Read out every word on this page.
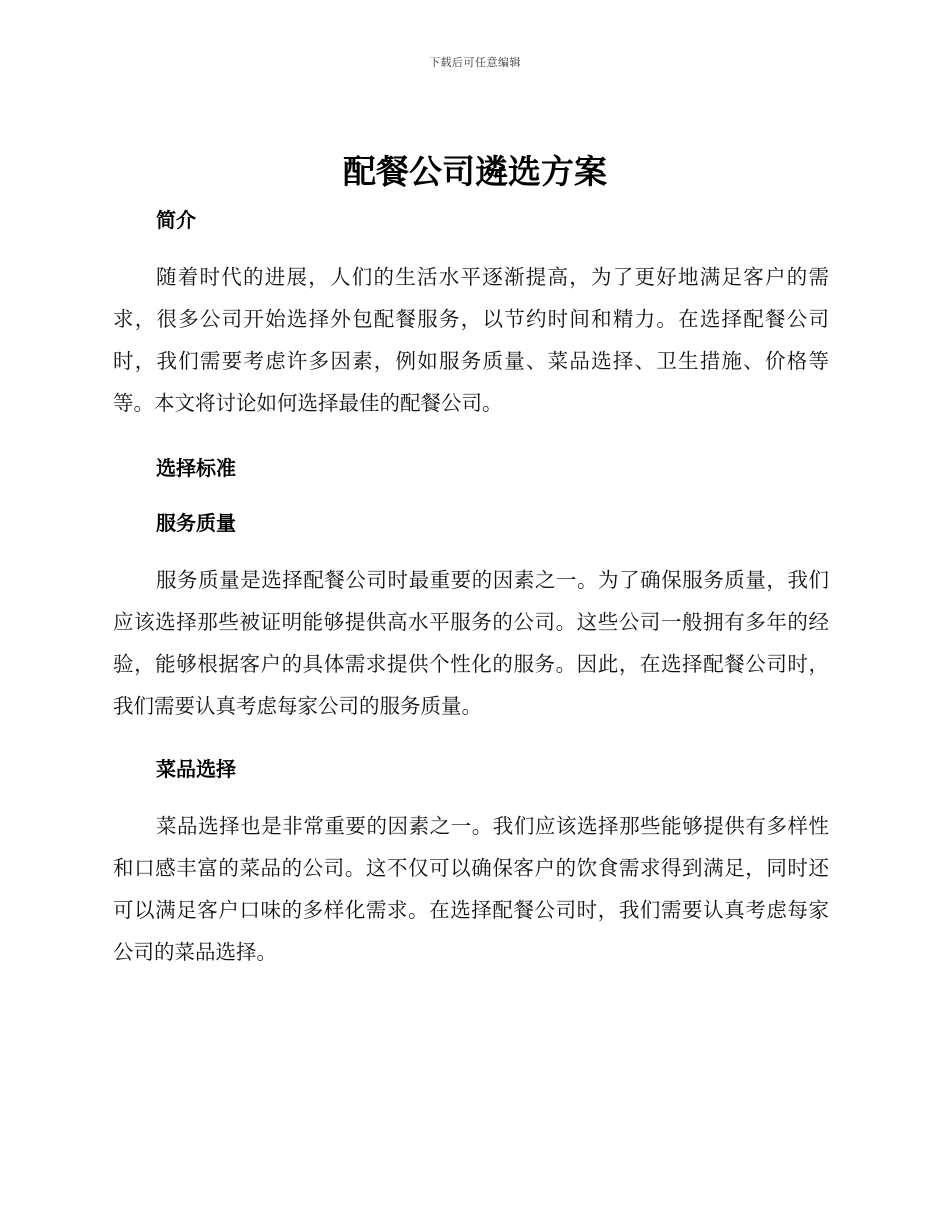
下载后可任意编辑
配餐公司遴选方案
简介

随着时代的进展，人们的生活水平逐渐提高，为了更好地满足客户的需求，很多公司开始选择外包配餐服务，以节约时间和精力。在选择配餐公司时，我们需要考虑许多因素，例如服务质量、菜品选择、卫生措施、价格等等。本文将讨论如何选择最佳的配餐公司。

选择标准
服务质量

服务质量是选择配餐公司时最重要的因素之一。为了确保服务质量，我们应该选择那些被证明能够提供高水平服务的公司。这些公司一般拥有多年的经验，能够根据客户的具体需求提供个性化的服务。因此，在选择配餐公司时，我们需要认真考虑每家公司的服务质量。

菜品选择

菜品选择也是非常重要的因素之一。我们应该选择那些能够提供有多样性和口感丰富的菜品的公司。这不仅可以确保客户的饮食需求得到满足，同时还可以满足客户口味的多样化需求。在选择配餐公司时，我们需要认真考虑每家公司的菜品选择。
